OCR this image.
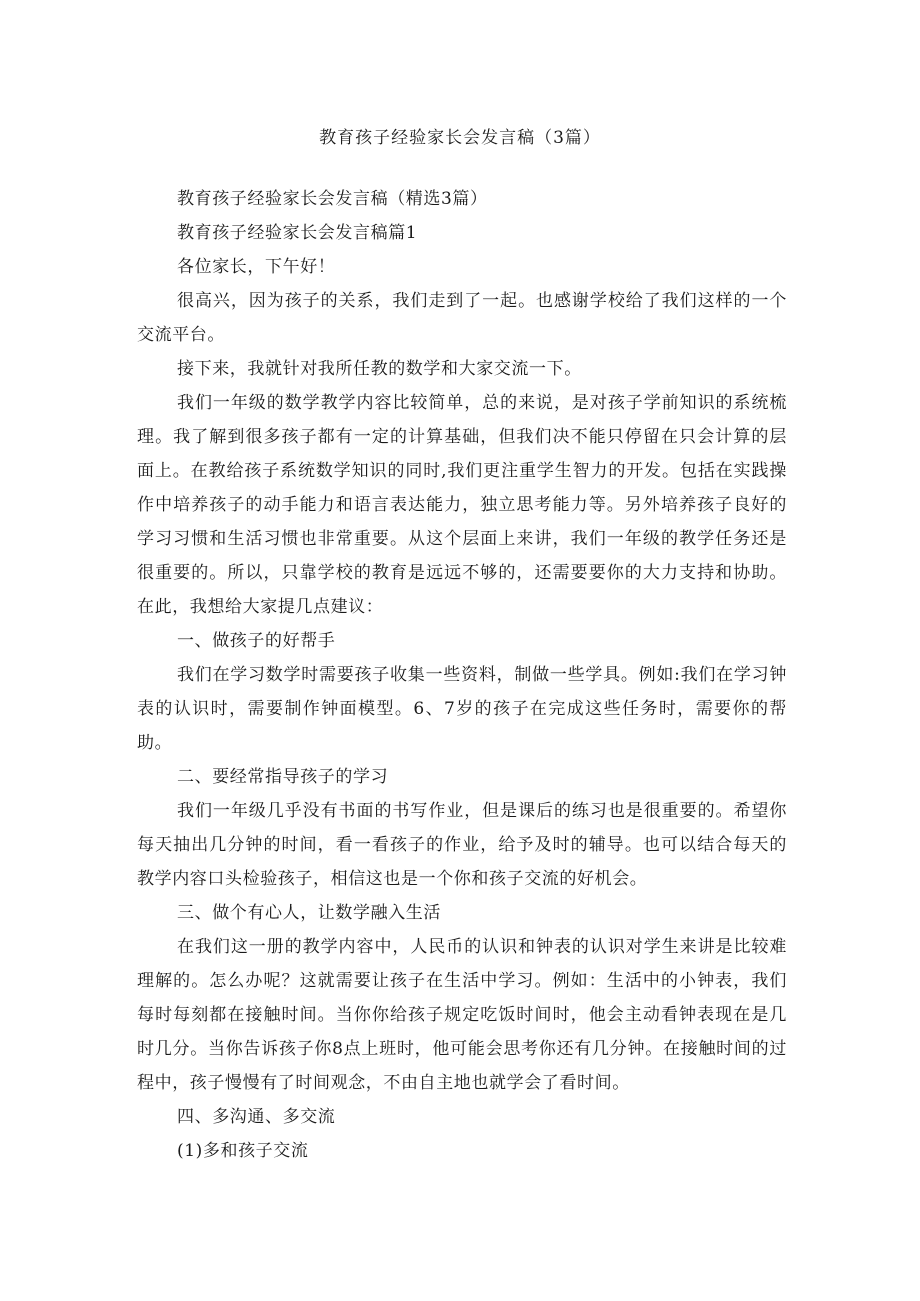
教育孩子经验家长会发言稿（3篇）

教育孩子经验家长会发言稿（精选3篇）

教育孩子经验家长会发言稿篇1

各位家长，下午好！

很高兴，因为孩子的关系，我们走到了一起。也感谢学校给了我们这样的一个交流平台。

接下来，我就针对我所任教的数学和大家交流一下。

我们一年级的数学教学内容比较简单，总的来说，是对孩子学前知识的系统梳理。我了解到很多孩子都有一定的计算基础，但我们决不能只停留在只会计算的层面上。在教给孩子系统数学知识的同时,我们更注重学生智力的开发。包括在实践操作中培养孩子的动手能力和语言表达能力，独立思考能力等。另外培养孩子良好的学习习惯和生活习惯也非常重要。从这个层面上来讲，我们一年级的教学任务还是很重要的。所以，只靠学校的教育是远远不够的，还需要要你的大力支持和协助。在此，我想给大家提几点建议：

一、做孩子的好帮手

我们在学习数学时需要孩子收集一些资料，制做一些学具。例如:我们在学习钟表的认识时，需要制作钟面模型。6、7岁的孩子在完成这些任务时，需要你的帮助。

二、要经常指导孩子的学习

我们一年级几乎没有书面的书写作业，但是课后的练习也是很重要的。希望你每天抽出几分钟的时间，看一看孩子的作业，给予及时的辅导。也可以结合每天的教学内容口头检验孩子，相信这也是一个你和孩子交流的好机会。

三、做个有心人，让数学融入生活

在我们这一册的教学内容中，人民币的认识和钟表的认识对学生来讲是比较难理解的。怎么办呢？这就需要让孩子在生活中学习。例如：生活中的小钟表，我们每时每刻都在接触时间。当你你给孩子规定吃饭时间时，他会主动看钟表现在是几时几分。当你告诉孩子你8点上班时，他可能会思考你还有几分钟。在接触时间的过程中，孩子慢慢有了时间观念，不由自主地也就学会了看时间。

四、多沟通、多交流

(1)多和孩子交流
